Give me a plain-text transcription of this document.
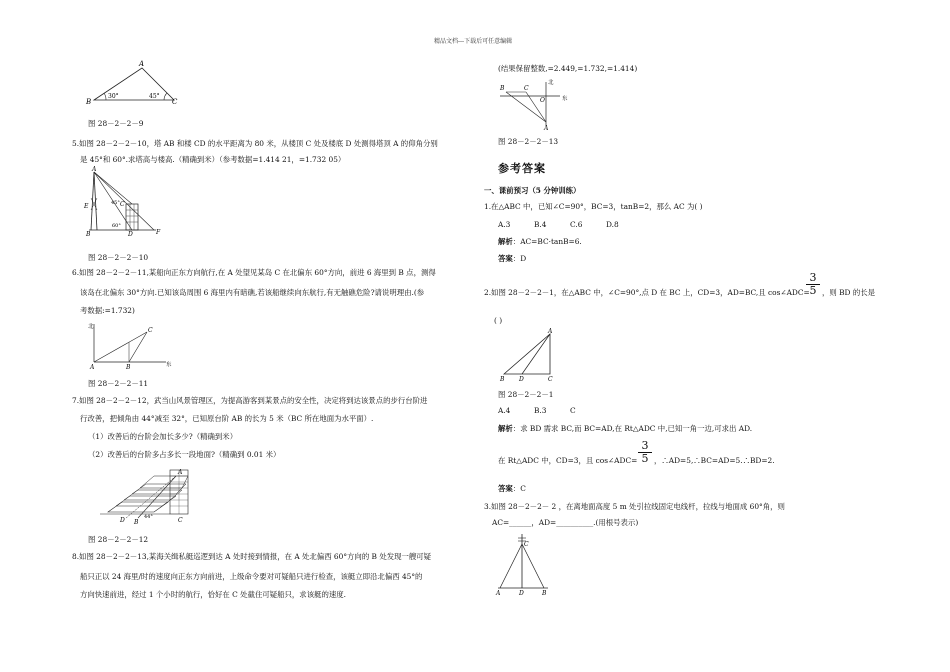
精品文档---下载后可任意编辑
A
B	C
30°	45°
图 28－2－2－9
5.如图 28－2－2－10，塔 AB 和楼 CD 的水平距离为 80 米，从楼顶 C 处及楼底 D 处测得塔顶 A 的仰角分别
是 45°和 60°.求塔高与楼高.（精确到米）（参考数据=1.414 21，=1.732 05）
A
E
B
C
D	F
45°
60°
图 28－2－2－10
6.如图 28－2－2－11,某船向正东方向航行,在 A 处望见某岛 C 在北偏东 60°方向，前进 6 海里到 B 点，测得
该岛在北偏东 30°方向.已知该岛周围 6 海里内有暗礁,若该船继续向东航行,有无触礁危险?请说明理由.(参
考数据:=1.732)
北
东
A	B
C
图 28－2－2－11
7.如图 28－2－2－12，武当山风景管理区，为提高游客到某景点的安全性，决定将到达该景点的步行台阶进
行改善，把倾角由 44°减至 32°，已知原台阶 AB 的长为 5 米（BC 所在地面为水平面）.
（1）改善后的台阶会加长多少?（精确到米）
（2）改善后的台阶多占多长一段地面?（精确到 0.01 米）
A
D B	C
44°
图 28－2－2－12
8.如图 28－2－2－13,某海关缉私艇巡逻到达 A 处时接到情报，在 A 处北偏西 60°方向的 B 处发现一艘可疑
船只正以 24 海里/时的速度向正东方向前进，上级命令要对可疑船只进行检查，该艇立即沿北偏西 45°的
方向快速前进，经过 1 个小时的航行，恰好在 C 处截住可疑船只，求该艇的速度.
(结果保留整数,=2.449,=1.732,=1.414)
北
东
B	C
O
A
图 28－2－2－13
参考答案
一、课前预习（5 分钟训练）
1.在△ABC 中，已知∠C=90°，BC=3，tanB=2，那么 AC 为( )
A.3	B.4	C.6	D.8
解析：AC=BC·tanB=6.
答案：D
2.如图 28－2－2－1，在△ABC 中，∠C=90°,点 D 在 BC 上，CD=3，AD=BC,且 cos∠ADC=
3
5 ，则 BD 的长是
( )
A
B D	C
图 28－2－2－1
A.4	B.3	C
解析：求 BD 需求 BC,而 BC=AD,在 Rt△ADC 中,已知一角一边,可求出 AD.
在 Rt△ADC 中，CD=3，且 cos∠ADC=
3
5 ，∴AD=5,∴BC=AD=5.∴BD=2.
答案：C
3.如图 28－2－2－ 2 ，在离地面高度 5 m 处引拉线固定电线杆，拉线与地面成 60°角，则
AC=______，AD=__________.(用根号表示)
C
A	D	B
